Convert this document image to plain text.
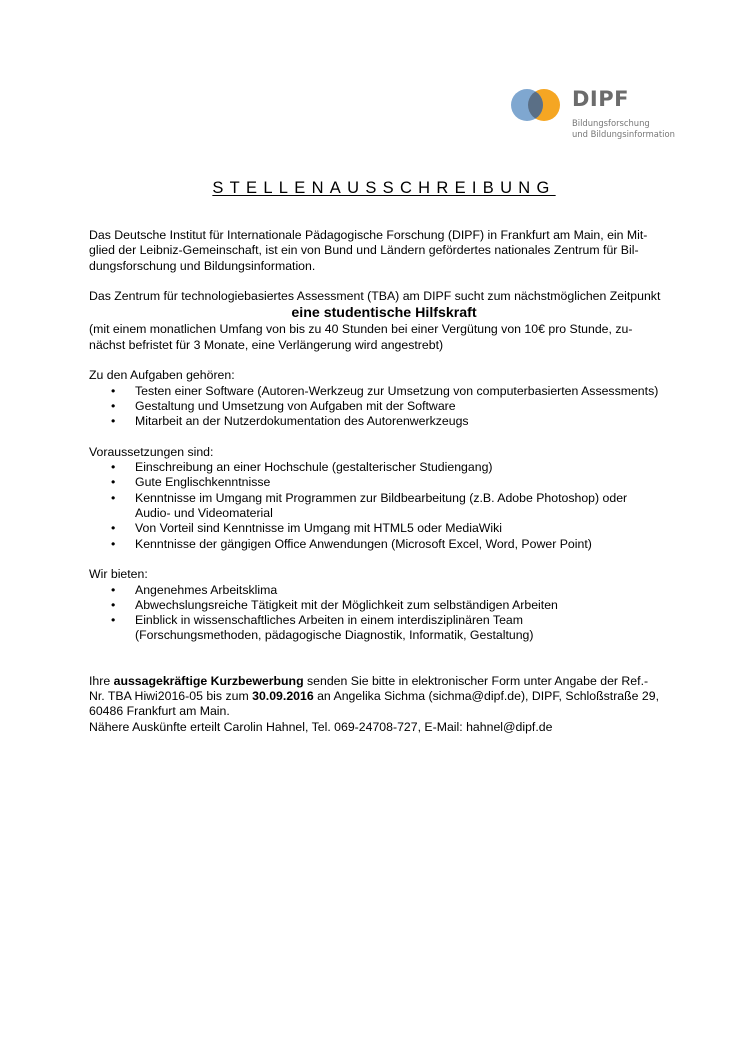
DIPF
Bildungsforschung
und Bildungsinformation
STELLENAUSSCHREIBUNG

Das Deutsche Institut für Internationale Pädagogische Forschung (DIPF) in Frankfurt am Main, ein Mit-

glied der Leibniz-Gemeinschaft, ist ein von Bund und Ländern gefördertes nationales Zentrum für Bil-

dungsforschung und Bildungsinformation.

Das Zentrum für technologiebasiertes Assessment (TBA) am DIPF sucht zum nächstmöglichen Zeitpunkt

eine studentische Hilfskraft

(mit einem monatlichen Umfang von bis zu 40 Stunden bei einer Vergütung von 10€ pro Stunde, zu-

nächst befristet für 3 Monate, eine Verlängerung wird angestrebt)

Zu den Aufgaben gehören:

• Testen einer Software (Autoren-Werkzeug zur Umsetzung von computerbasierten Assessments)
• Gestaltung und Umsetzung von Aufgaben mit der Software
• Mitarbeit an der Nutzerdokumentation des Autorenwerkzeugs

Voraussetzungen sind:

• Einschreibung an einer Hochschule (gestalterischer Studiengang)
• Gute Englischkenntnisse
• Kenntnisse im Umgang mit Programmen zur Bildbearbeitung (z.B. Adobe Photoshop) oder
Audio- und Videomaterial
• Von Vorteil sind Kenntnisse im Umgang mit HTML5 oder MediaWiki
• Kenntnisse der gängigen Office Anwendungen (Microsoft Excel, Word, Power Point)

Wir bieten:

• Angenehmes Arbeitsklima
• Abwechslungsreiche Tätigkeit mit der Möglichkeit zum selbständigen Arbeiten
• Einblick in wissenschaftliches Arbeiten in einem interdisziplinären Team
(Forschungsmethoden, pädagogische Diagnostik, Informatik, Gestaltung)

Ihre aussagekräftige Kurzbewerbung senden Sie bitte in elektronischer Form unter Angabe der Ref.-

Nr. TBA Hiwi2016-05 bis zum 30.09.2016 an Angelika Sichma (sichma@dipf.de), DIPF, Schloßstraße 29,

60486 Frankfurt am Main.

Nähere Auskünfte erteilt Carolin Hahnel, Tel. 069-24708-727, E-Mail: hahnel@dipf.de
